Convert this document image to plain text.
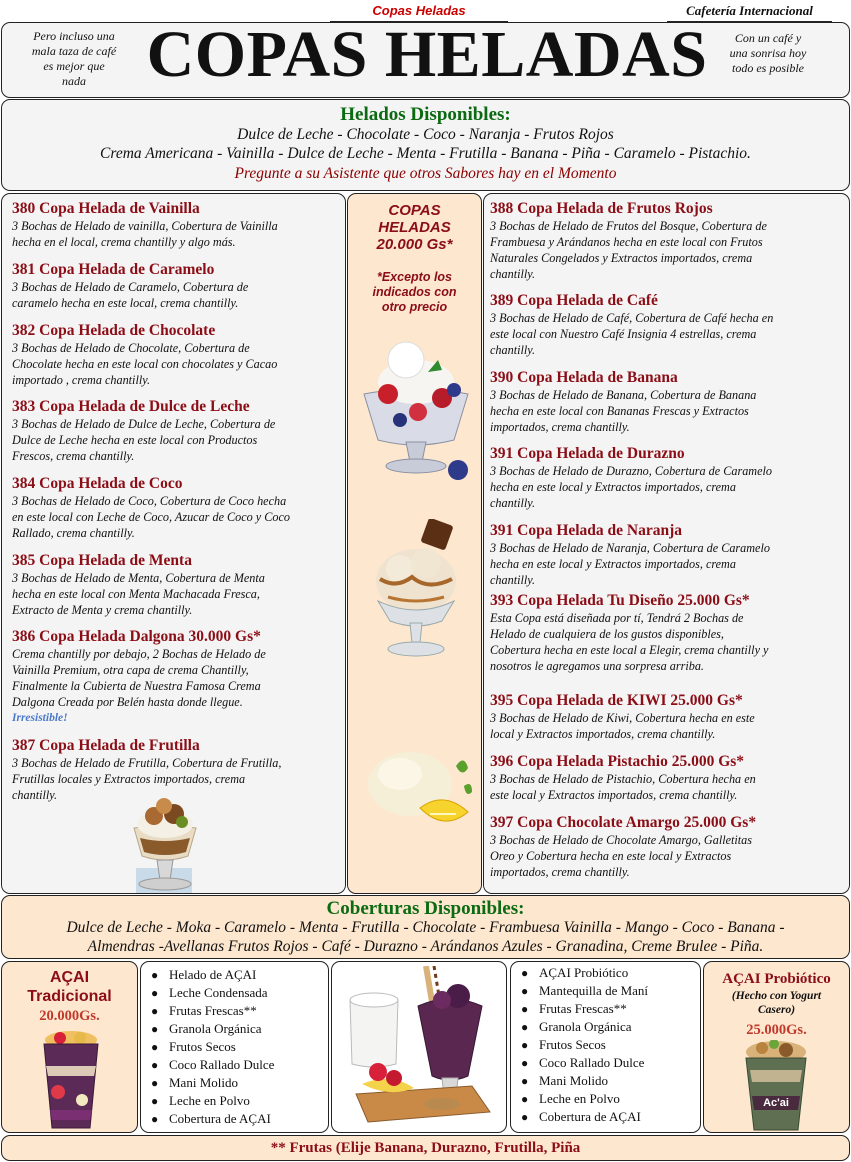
Copas Heladas	Cafetería Internacional
Pero incluso una
mala taza de café
es mejor que
nada COPAS HELADAS	Con un café y
una sonrisa hoy
todo es posible
Helados Disponibles:
Dulce de Leche - Chocolate - Coco - Naranja - Frutos Rojos
Crema Americana - Vainilla - Dulce de Leche - Menta - Frutilla - Banana - Piña - Caramelo - Pistachio.
Pregunte a su Asistente que otros Sabores hay en el Momento
380 Copa Helada de Vainilla
3 Bochas de Helado de vainilla, Cobertura de Vainilla
hecha en el local, crema chantilly y algo más.
381 Copa Helada de Caramelo
3 Bochas de Helado de Caramelo, Cobertura de
caramelo hecha en este local, crema chantilly.
382 Copa Helada de Chocolate
3 Bochas de Helado de Chocolate, Cobertura de
Chocolate hecha en este local con chocolates y Cacao
importado , crema chantilly.
383 Copa Helada de Dulce de Leche
3 Bochas de Helado de Dulce de Leche, Cobertura de
Dulce de Leche hecha en este local con Productos
Frescos, crema chantilly.
384 Copa Helada de Coco
3 Bochas de Helado de Coco, Cobertura de Coco hecha
en este local con Leche de Coco, Azucar de Coco y Coco
Rallado, crema chantilly.
385 Copa Helada de Menta
3 Bochas de Helado de Menta, Cobertura de Menta
hecha en este local con Menta Machacada Fresca,
Extracto de Menta y crema chantilly.
386 Copa Helada Dalgona 30.000 Gs*
Crema chantilly por debajo, 2 Bochas de Helado de
Vainilla Premium, otra capa de crema Chantilly,
Finalmente la Cubierta de Nuestra Famosa Crema
Dalgona Creada por Belén hasta donde llegue.
Irresistible!
387 Copa Helada de Frutilla
3 Bochas de Helado de Frutilla, Cobertura de Frutilla,
Frutillas locales y Extractos importados, crema
chantilly.
COPAS
HELADAS
20.000 Gs*
*Excepto los
indicados con
otro precio
388 Copa Helada de Frutos Rojos
3 Bochas de Helado de Frutos del Bosque, Cobertura de
Frambuesa y Arándanos hecha en este local con Frutos
Naturales Congelados y Extractos importados, crema
chantilly.
389 Copa Helada de Café
3 Bochas de Helado de Café, Cobertura de Café hecha en
este local con Nuestro Café Insignia 4 estrellas, crema
chantilly.
390 Copa Helada de Banana
3 Bochas de Helado de Banana, Cobertura de Banana
hecha en este local con Bananas Frescas y Extractos
importados, crema chantilly.
391 Copa Helada de Durazno
3 Bochas de Helado de Durazno, Cobertura de Caramelo
hecha en este local y Extractos importados, crema
chantilly.
391 Copa Helada de Naranja
3 Bochas de Helado de Naranja, Cobertura de Caramelo
hecha en este local y Extractos importados, crema
chantilly.
393 Copa Helada Tu Diseño 25.000 Gs*
Esta Copa está diseñada por tí, Tendrá 2 Bochas de
Helado de cualquiera de los gustos disponibles,
Cobertura hecha en este local a Elegir, crema chantilly y
nosotros le agregamos una sorpresa arriba.
395 Copa Helada de KIWI 25.000 Gs*
3 Bochas de Helado de Kiwi, Cobertura hecha en este
local y Extractos importados, crema chantilly.
396 Copa Helada Pistachio 25.000 Gs*
3 Bochas de Helado de Pistachio, Cobertura hecha en
este local y Extractos importados, crema chantilly.
397 Copa Chocolate Amargo 25.000 Gs*
3 Bochas de Helado de Chocolate Amargo, Galletitas
Oreo y Cobertura hecha en este local y Extractos
importados, crema chantilly.
Coberturas Disponibles:
Dulce de Leche - Moka - Caramelo - Menta - Frutilla - Chocolate - Frambuesa Vainilla - Mango - Coco - Banana -
Almendras -Avellanas Frutos Rojos - Café - Durazno - Arándanos Azules - Granadina, Creme Brulee - Piña.
AÇAI
Tradicional
20.000Gs.
● Helado de AÇAI
● Leche Condensada
● Frutas Frescas**
● Granola Orgánica
● Frutos Secos
● Coco Rallado Dulce
● Mani Molido
● Leche en Polvo
● Cobertura de AÇAI
● AÇAI Probiótico
● Mantequilla de Maní
● Frutas Frescas**
● Granola Orgánica
● Frutos Secos
● Coco Rallado Dulce
● Mani Molido
● Leche en Polvo
● Cobertura de AÇAI
AÇAI Probiótico
(Hecho con Yogurt
Casero)
25.000Gs.
Ac'ai
** Frutas (Elije Banana, Durazno, Frutilla, Piña
